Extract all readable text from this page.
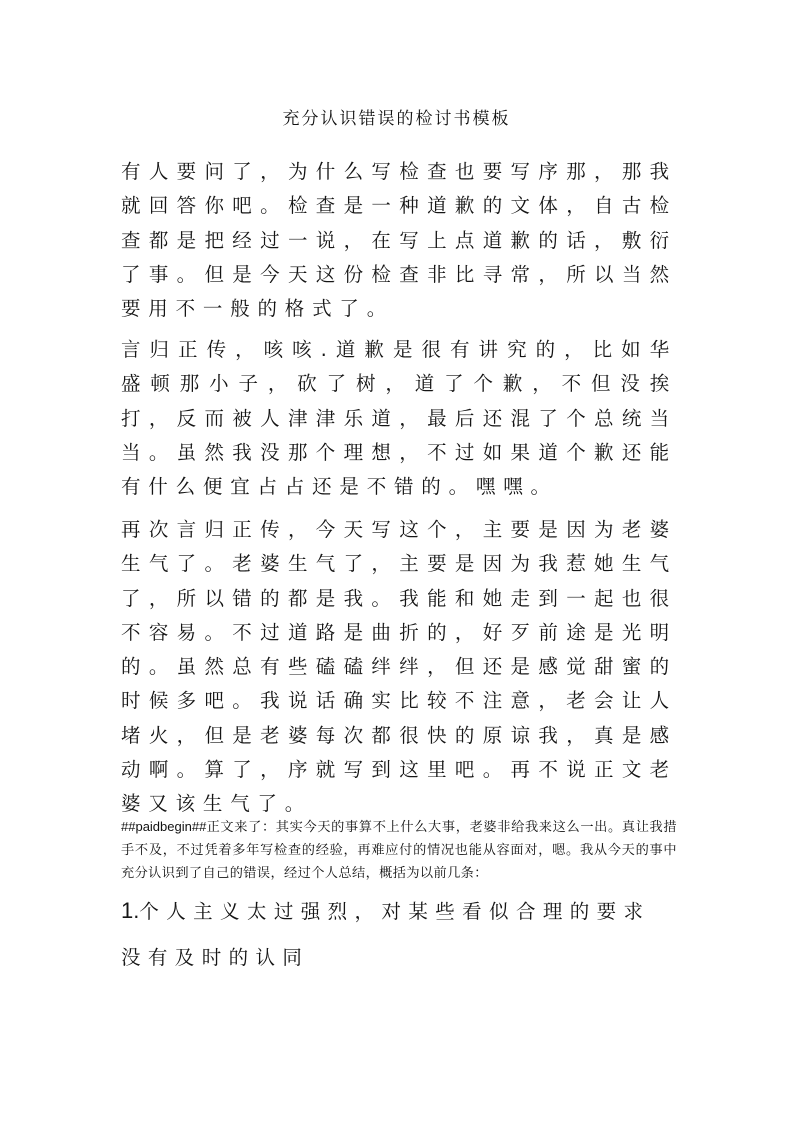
充分认识错误的检讨书模板

有人要问了，为什么写检查也要写序那，那我就回答你吧。检查是一种道歉的文体，自古检查都是把经过一说，在写上点道歉的话，敷衍了事。但是今天这份检查非比寻常，所以当然要用不一般的格式了。

言归正传，咳咳.道歉是很有讲究的，比如华盛顿那小子，砍了树，道了个歉，不但没挨打，反而被人津津乐道，最后还混了个总统当当。虽然我没那个理想，不过如果道个歉还能有什么便宜占占还是不错的。嘿嘿。

再次言归正传，今天写这个，主要是因为老婆生气了。老婆生气了，主要是因为我惹她生气了，所以错的都是我。我能和她走到一起也很不容易。不过道路是曲折的，好歹前途是光明的。虽然总有些磕磕绊绊，但还是感觉甜蜜的时候多吧。我说话确实比较不注意，老会让人堵火，但是老婆每次都很快的原谅我，真是感动啊。算了，序就写到这里吧。再不说正文老婆又该生气了。

##paidbegin##正文来了：其实今天的事算不上什么大事，老婆非给我来这么一出。真让我措手不及，不过凭着多年写检查的经验，再难应付的情况也能从容面对，嗯。我从今天的事中充分认识到了自己的错误，经过个人总结，概括为以前几条：

1.个人主义太过强烈，对某些看似合理的要求没有及时的认同
